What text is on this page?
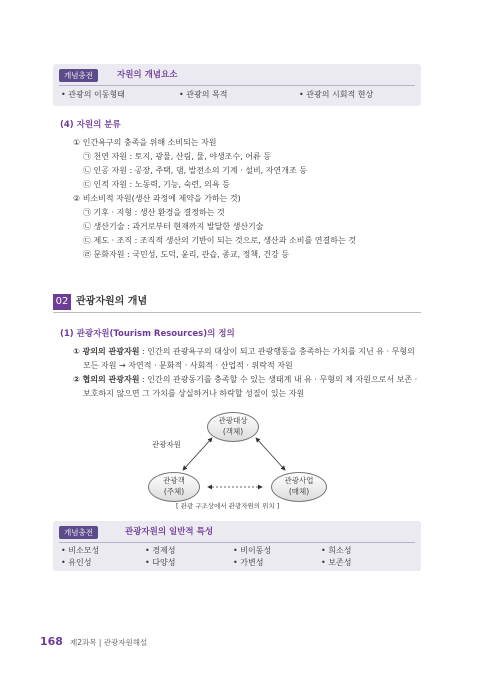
개념충전	자원의 개념요소
• 관광의 이동형태	• 관광의 목적	• 관광의 시회적 현상
(4) 자원의 분류
① 인간욕구의 충족을 위해 소비되는 자원
㉠ 천연 자원 : 토지, 광물, 산림, 물, 야생조수, 어류 등
㉡ 인공 자원 : 공장, 주택, 댐, 발전소의 기계 · 설비, 자연개조 등
㉢ 인적 자원 : 노동력, 기능, 숙련, 의욕 등
② 비소비적 자원(생산 과정에 제약을 가하는 것)
㉠ 기후 · 지형 : 생산 환경을 결정하는 것
㉡ 생산기술 : 과거로부터 현재까지 발달한 생산기술
㉢ 제도 · 조직 : 조직적 생산의 기반이 되는 것으로, 생산과 소비를 연결하는 것
㉣ 문화자원 : 국민성, 도덕, 윤리, 관습, 종교, 정책, 건강 등
02 관광자원의 개념
(1) 관광자원(Tourism Resources)의 정의
① 광의의 관광자원 : 인간의 관광욕구의 대상이 되고 관광행동을 충족하는 가치를 지닌 유 · 무형의
모든 자원 → 자연적 · 문화적 · 사회적 · 산업적 · 위락적 자원
② 협의의 관광자원 : 인간의 관광동기를 충족할 수 있는 생태계 내 유 · 무형의 제 자원으로서 보존 ·
보호하지 않으면 그 가치를 상실하거나 하락할 성질이 있는 자원
관광대상
(객체)
관광객
(주체)
관광사업
(매체)
관광자원
[ 관광 구조상에서 관광자원의 위치 ]
개념충전	관광자원의 일반적 특성
• 비소모성	• 경제성	• 비이동성	• 희소성
• 유인성	• 다양성	• 가변성	• 보존성
168 제2과목 | 관광자원해설
